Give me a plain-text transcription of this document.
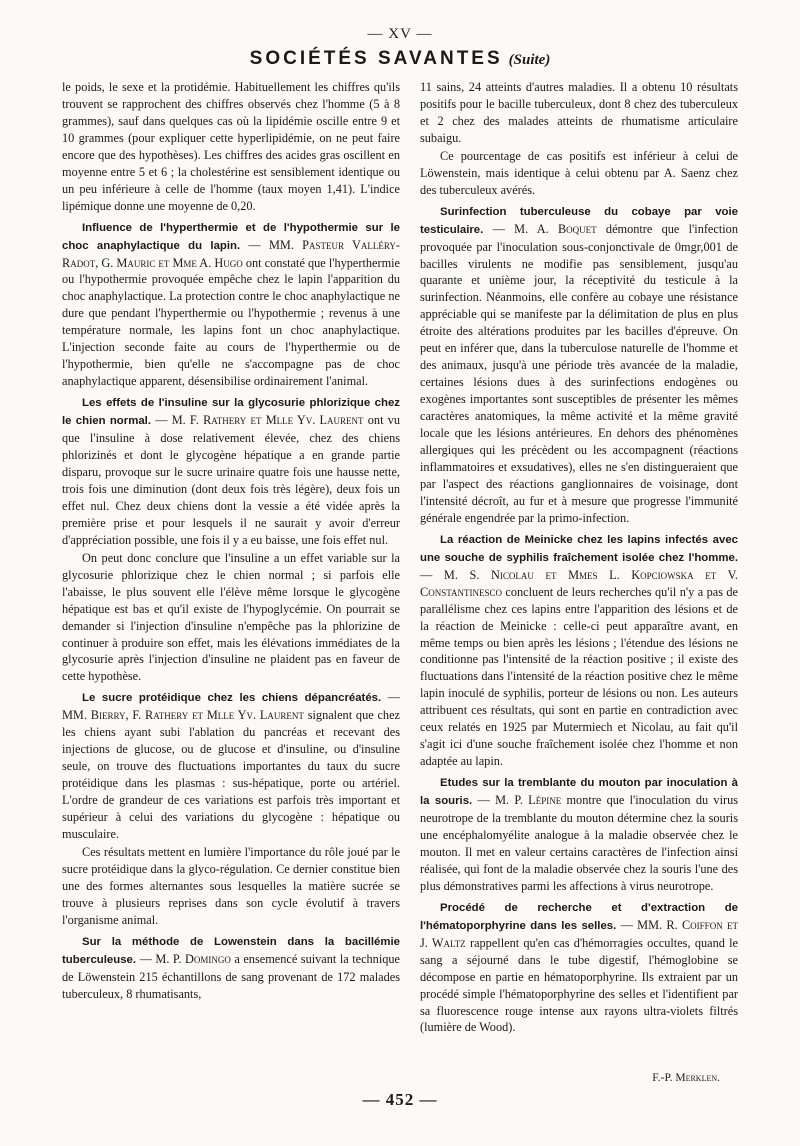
— XV —
SOCIÉTÉS SAVANTES (Suite)

le poids, le sexe et la protidémie. Habituellement les chiffres qu'ils trouvent se rapprochent des chiffres observés chez l'homme (5 à 8 grammes), sauf dans quelques cas où la lipidémie oscille entre 9 et 10 grammes (pour expliquer cette hyperlipidémie, on ne peut faire encore que des hypothèses). Les chiffres des acides gras oscillent en moyenne entre 5 et 6 ; la cholestérine est sensiblement identique ou un peu inférieure à celle de l'homme (taux moyen 1,41). L'indice lipémique donne une moyenne de 0,20.

Influence de l'hyperthermie et de l'hypothermie sur le choc anaphylactique du lapin. — MM. Pasteur Valléry-Radot, G. Mauric et Mme A. Hugo ont constaté que l'hyperthermie ou l'hypothermie provoquée empêche chez le lapin l'apparition du choc anaphylactique. La protection contre le choc anaphylactique ne dure que pendant l'hyperthermie ou l'hypothermie ; revenus à une température normale, les lapins font un choc anaphylactique. L'injection seconde faite au cours de l'hyperthermie ou de l'hypothermie, bien qu'elle ne s'accompagne pas de choc anaphylactique apparent, désensibilise ordinairement l'animal.

Les effets de l'insuline sur la glycosurie phlorizique chez le chien normal. — M. F. Rathery et Mlle Yv. Laurent ont vu que l'insuline à dose relativement élevée, chez des chiens phlorizinés et dont le glycogène hépatique a en grande partie disparu, provoque sur le sucre urinaire quatre fois une hausse nette, trois fois une diminution (dont deux fois très légère), deux fois un effet nul. Chez deux chiens dont la vessie a été vidée après la première prise et pour lesquels il ne saurait y avoir d'erreur d'appréciation possible, une fois il y a eu baisse, une fois effet nul.

On peut donc conclure que l'insuline a un effet variable sur la glycosurie phlorizique chez le chien normal ; si parfois elle l'abaisse, le plus souvent elle l'élève même lorsque le glycogène hépatique est bas et qu'il existe de l'hypoglycémie. On pourrait se demander si l'injection d'insuline n'empêche pas la phlorizine de continuer à produire son effet, mais les élévations immédiates de la glycosurie après l'injection d'insuline ne plaident pas en faveur de cette hypothèse.

Le sucre protéidique chez les chiens dépancréatés. — MM. Bierry, F. Rathery et Mlle Yv. Laurent signalent que chez les chiens ayant subi l'ablation du pancréas et recevant des injections de glucose, ou de glucose et d'insuline, ou d'insuline seule, on trouve des fluctuations importantes du taux du sucre protéidique dans les plasmas : sus-hépatique, porte ou artériel. L'ordre de grandeur de ces variations est parfois très important et supérieur à celui des variations du glycogène : hépatique ou musculaire.

Ces résultats mettent en lumière l'importance du rôle joué par le sucre protéidique dans la glyco-régulation. Ce dernier constitue bien une des formes alternantes sous lesquelles la matière sucrée se trouve à plusieurs reprises dans son cycle évolutif à travers l'organisme animal.

Sur la méthode de Lowenstein dans la bacillémie tuberculeuse. — M. P. Domingo a ensemencé suivant la technique de Löwenstein 215 échantillons de sang provenant de 172 malades tuberculeux, 8 rhumatisants,

11 sains, 24 atteints d'autres maladies. Il a obtenu 10 résultats positifs pour le bacille tuberculeux, dont 8 chez des tuberculeux et 2 chez des malades atteints de rhumatisme articulaire subaigu.

Ce pourcentage de cas positifs est inférieur à celui de Löwenstein, mais identique à celui obtenu par A. Saenz chez des tuberculeux avérés.

Surinfection tuberculeuse du cobaye par voie testiculaire. — M. A. Boquet démontre que l'infection provoquée par l'inoculation sous-conjonctivale de 0mgr,001 de bacilles virulents ne modifie pas sensiblement, jusqu'au quarante et unième jour, la réceptivité du testicule à la surinfection. Néanmoins, elle confère au cobaye une résistance appréciable qui se manifeste par la délimitation de plus en plus étroite des altérations produites par les bacilles d'épreuve. On peut en inférer que, dans la tuberculose naturelle de l'homme et des animaux, jusqu'à une période très avancée de la maladie, certaines lésions dues à des surinfections endogènes ou exogènes importantes sont susceptibles de présenter les mêmes caractères anatomiques, la même activité et la même gravité locale que les lésions antérieures. En dehors des phénomènes allergiques qui les précèdent ou les accompagnent (réactions inflammatoires et exsudatives), elles ne s'en distingueraient que par l'aspect des réactions ganglionnaires de voisinage, dont l'intensité décroît, au fur et à mesure que progresse l'immunité générale engendrée par la primo-infection.

La réaction de Meinicke chez les lapins infectés avec une souche de syphilis fraîchement isolée chez l'homme. — M. S. Nicolau et Mmes L. Kopciowska et V. Constantinesco concluent de leurs recherches qu'il n'y a pas de parallélisme chez ces lapins entre l'apparition des lésions et de la réaction de Meinicke : celle-ci peut apparaître avant, en même temps ou bien après les lésions ; l'étendue des lésions ne conditionne pas l'intensité de la réaction positive ; il existe des fluctuations dans l'intensité de la réaction positive chez le même lapin inoculé de syphilis, porteur de lésions ou non. Les auteurs attribuent ces résultats, qui sont en partie en contradiction avec ceux relatés en 1925 par Mutermiech et Nicolau, au fait qu'il s'agit ici d'une souche fraîchement isolée chez l'homme et non adaptée au lapin.

Etudes sur la tremblante du mouton par inoculation à la souris. — M. P. Lépine montre que l'inoculation du virus neurotrope de la tremblante du mouton détermine chez la souris une encéphalomyélite analogue à la maladie observée chez le mouton. Il met en valeur certains caractères de l'infection ainsi réalisée, qui font de la maladie observée chez la souris l'une des plus démonstratives parmi les affections à virus neurotrope.

Procédé de recherche et d'extraction de l'hématoporphyrine dans les selles. — MM. R. Coiffon et J. Waltz rappellent qu'en cas d'hémorragies occultes, quand le sang a séjourné dans le tube digestif, l'hémoglobine se décompose en partie en hématoporphyrine. Ils extraient par un procédé simple l'hématoporphyrine des selles et l'identifient par sa fluorescence rouge intense aux rayons ultra-violets filtrés (lumière de Wood).

F.-P. Merklen.
— 452 —
